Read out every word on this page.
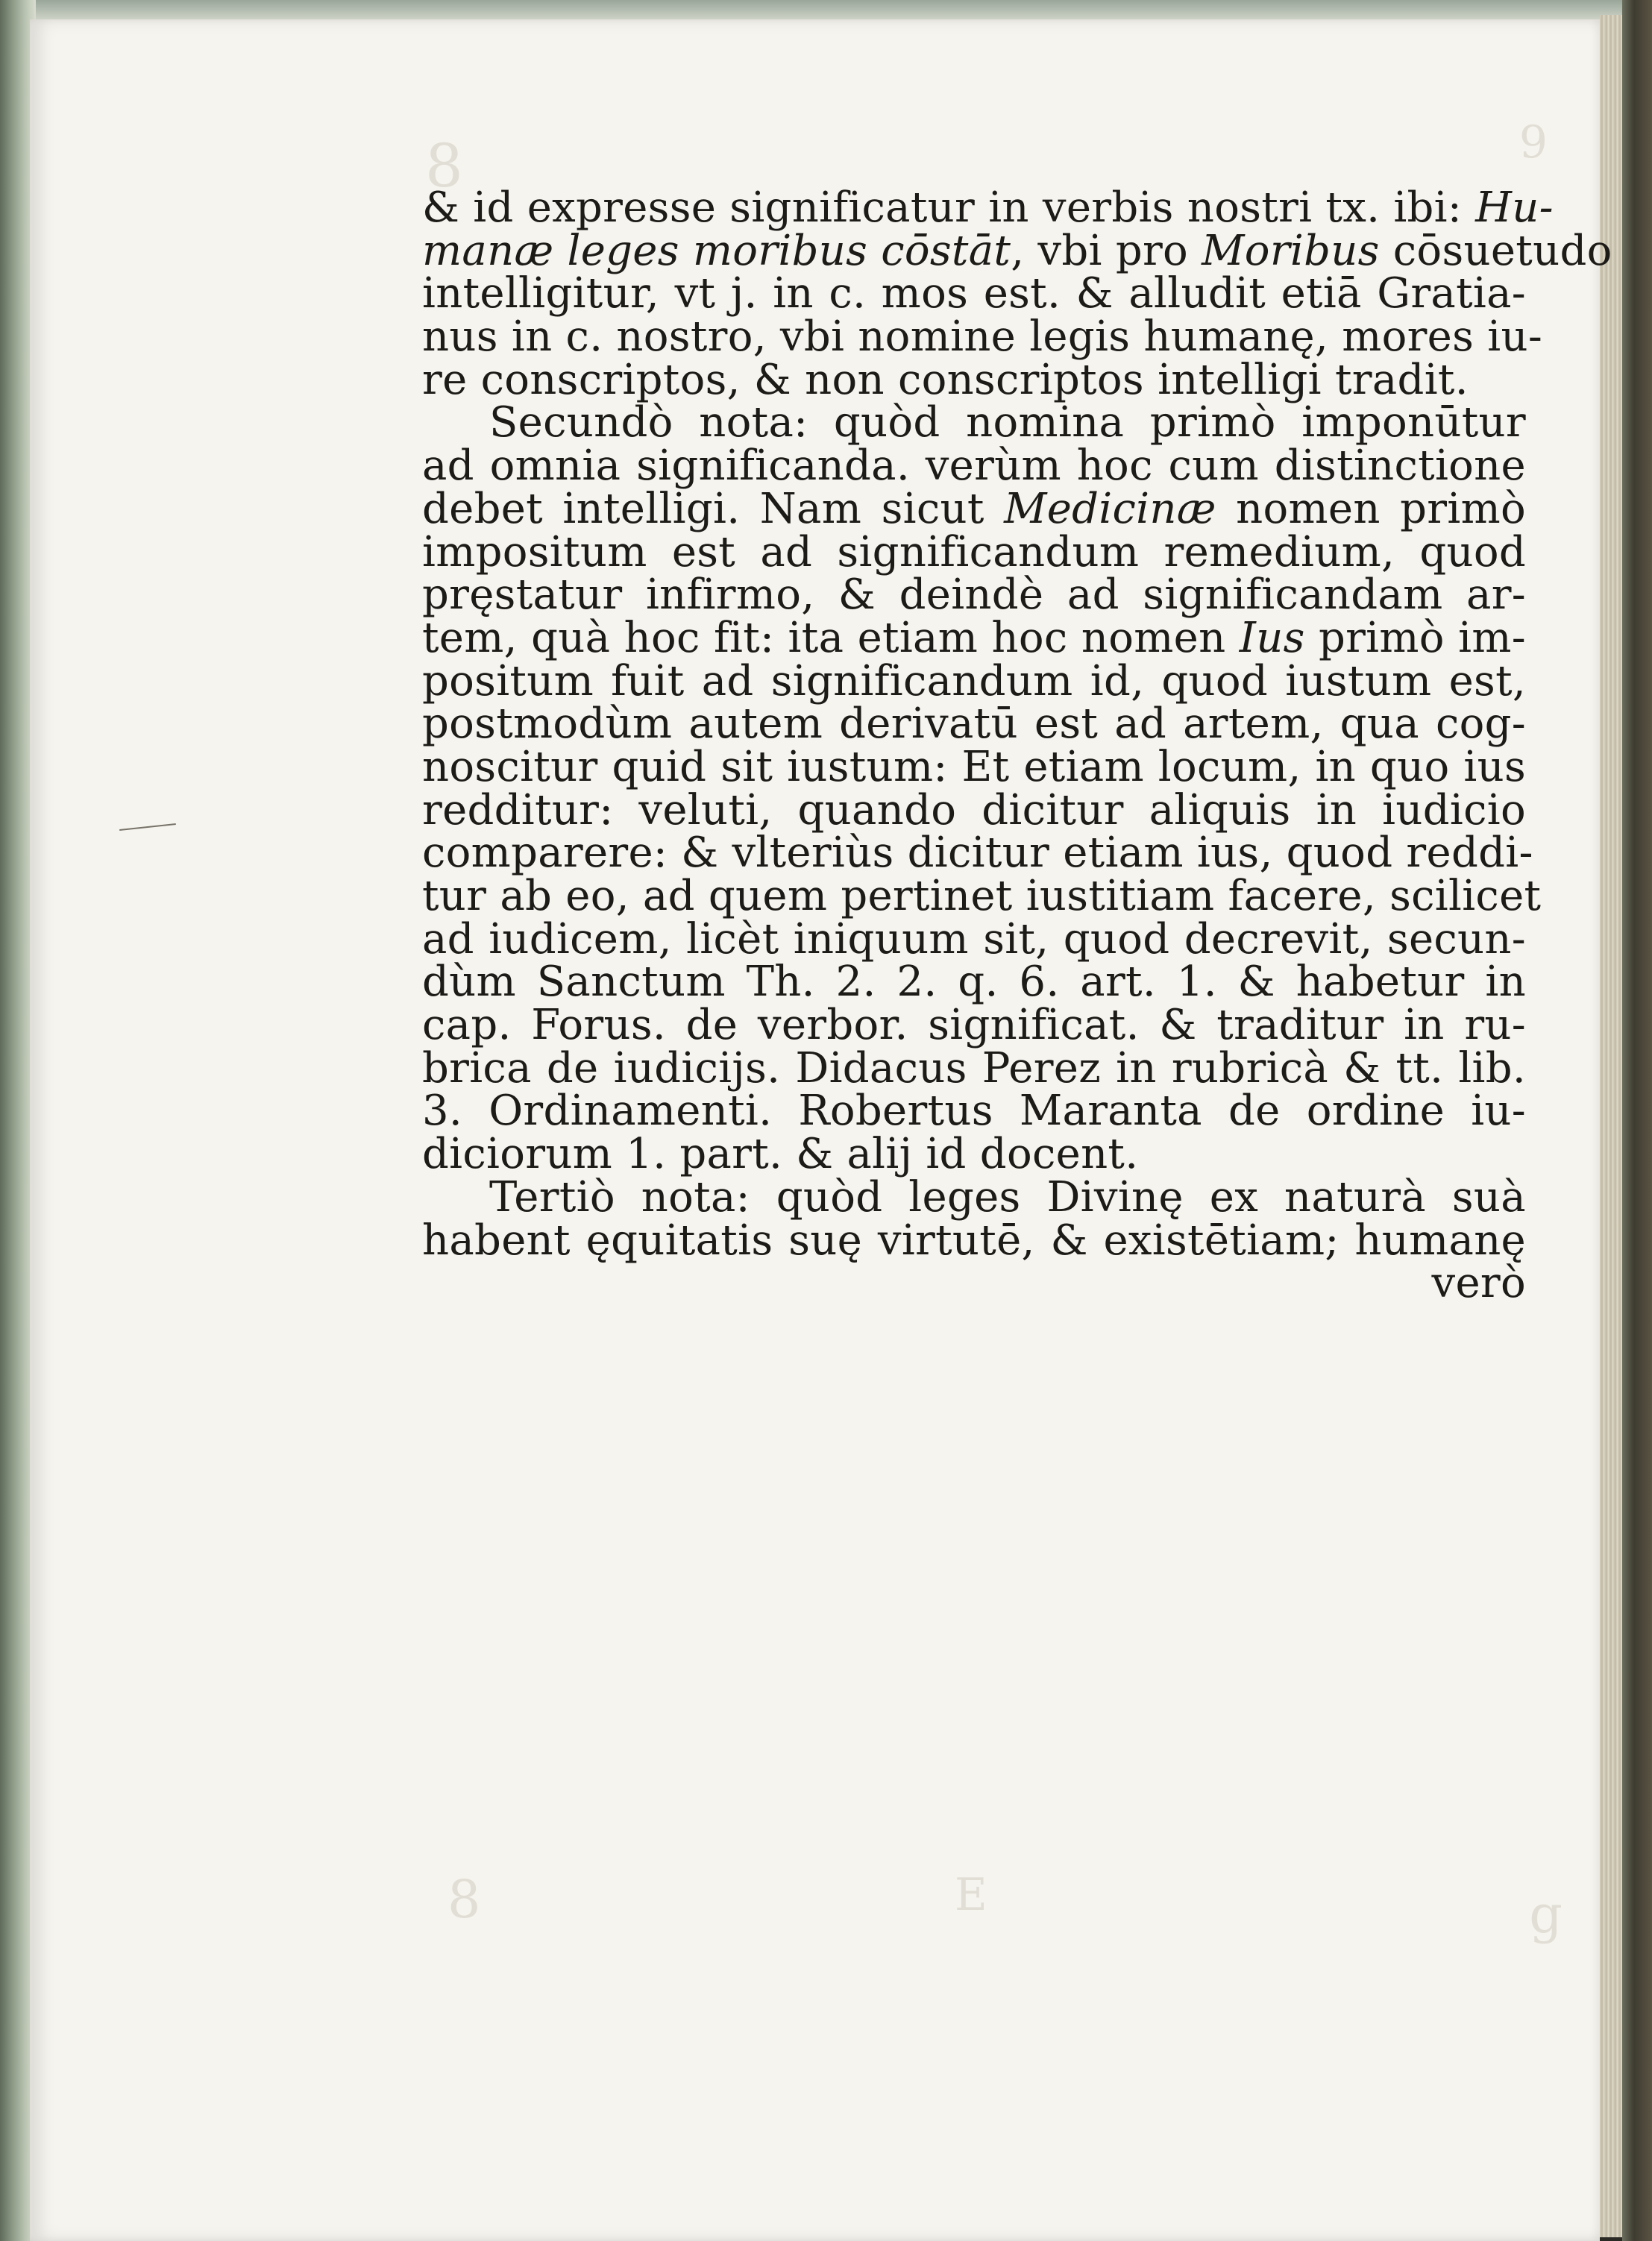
8	9
8	E	g
& id expresse significatur in verbis nostri tx. ibi: Hu-
manæ leges moribus cōstāt, vbi pro Moribus cōsuetudo
intelligitur, vt j. in c. mos est. & alludit etiā Gratia-
nus in c. nostro, vbi nomine legis humanę, mores iu-
re conscriptos, & non conscriptos intelligi tradit.
Secundò nota: quòd nomina primò imponūtur
ad omnia significanda. verùm hoc cum distinctione
debet intelligi. Nam sicut Medicinæ nomen primò
impositum est ad significandum remedium, quod
pręstatur infirmo, & deindè ad significandam ar-
tem, quà hoc fit: ita etiam hoc nomen Ius primò im-
positum fuit ad significandum id, quod iustum est,
postmodùm autem derivatū est ad artem, qua cog-
noscitur quid sit iustum: Et etiam locum, in quo ius
redditur: veluti, quando dicitur aliquis in iudicio
comparere: & vlteriùs dicitur etiam ius, quod reddi-
tur ab eo, ad quem pertinet iustitiam facere, scilicet
ad iudicem, licèt iniquum sit, quod decrevit, secun-
dùm Sanctum Th. 2. 2. q. 6. art. 1. & habetur in
cap. Forus. de verbor. significat. & traditur in ru-
brica de iudicijs. Didacus Perez in rubricà & tt. lib.
3. Ordinamenti. Robertus Maranta de ordine iu-
diciorum 1. part. & alij id docent.
Tertiò nota: quòd leges Divinę ex naturà suà
habent ęquitatis suę virtutē, & existētiam; humanę
verò
